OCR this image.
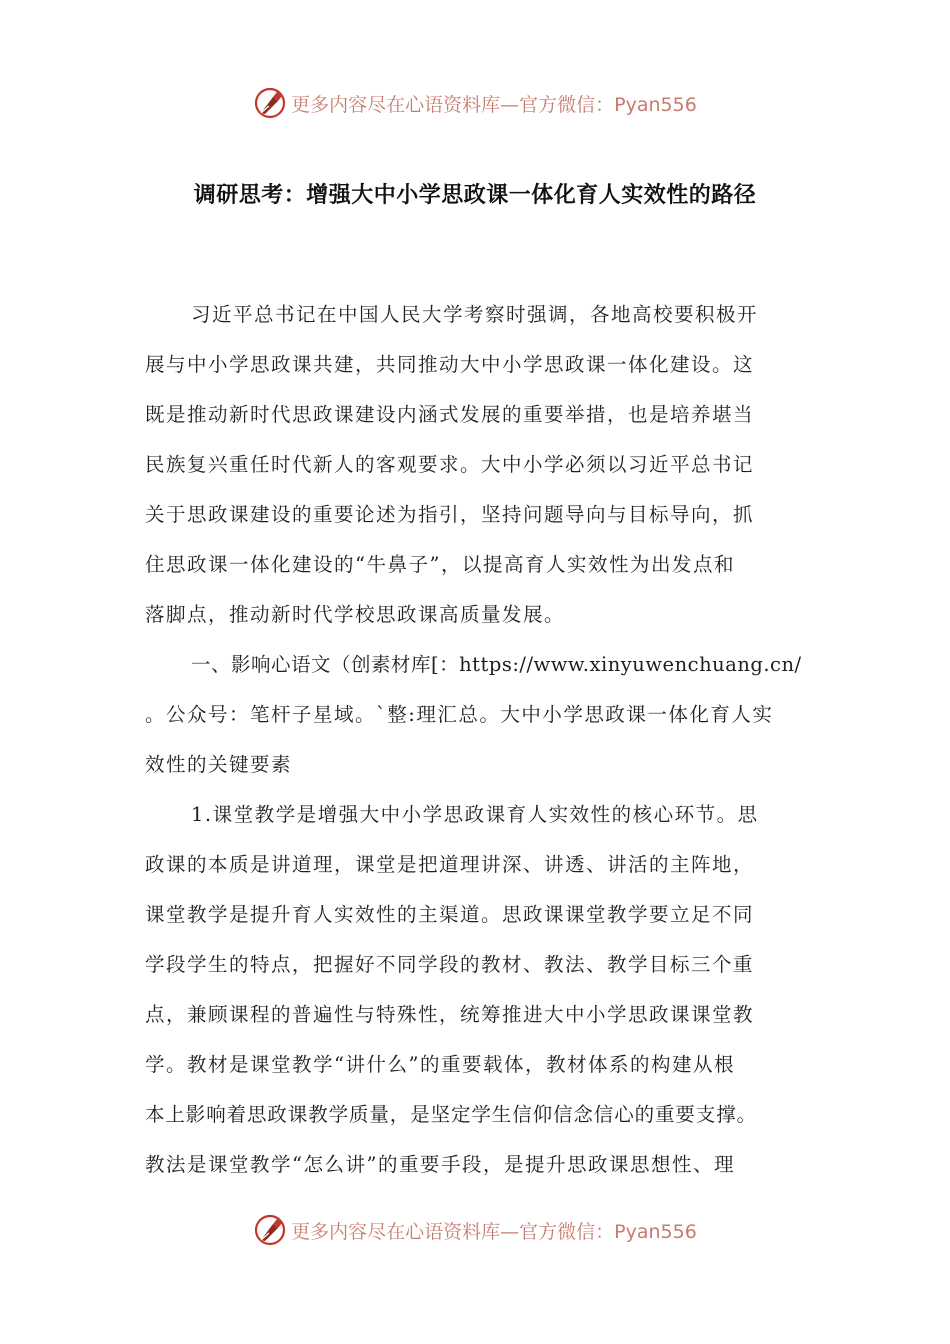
更多内容尽在心语资料库—官方微信：Pyan556
调研思考：增强大中小学思政课一体化育人实效性的路径
习近平总书记在中国人民大学考察时强调，各地高校要积极开
展与中小学思政课共建，共同推动大中小学思政课一体化建设。这
既是推动新时代思政课建设内涵式发展的重要举措，也是培养堪当
民族复兴重任时代新人的客观要求。大中小学必须以习近平总书记
关于思政课建设的重要论述为指引，坚持问题导向与目标导向，抓
住思政课一体化建设的“牛鼻子”，以提高育人实效性为出发点和
落脚点，推动新时代学校思政课高质量发展。
一、影响心语文（创素材库[：https://www.xinyuwenchuang.cn/
。公众号：笔杆子星域。`整:理汇总。大中小学思政课一体化育人实
效性的关键要素
1.课堂教学是增强大中小学思政课育人实效性的核心环节。思
政课的本质是讲道理，课堂是把道理讲深、讲透、讲活的主阵地，
课堂教学是提升育人实效性的主渠道。思政课课堂教学要立足不同
学段学生的特点，把握好不同学段的教材、教法、教学目标三个重
点，兼顾课程的普遍性与特殊性，统筹推进大中小学思政课课堂教
学。教材是课堂教学“讲什么”的重要载体，教材体系的构建从根
本上影响着思政课教学质量，是坚定学生信仰信念信心的重要支撑。
教法是课堂教学“怎么讲”的重要手段，是提升思政课思想性、理
更多内容尽在心语资料库—官方微信：Pyan556
